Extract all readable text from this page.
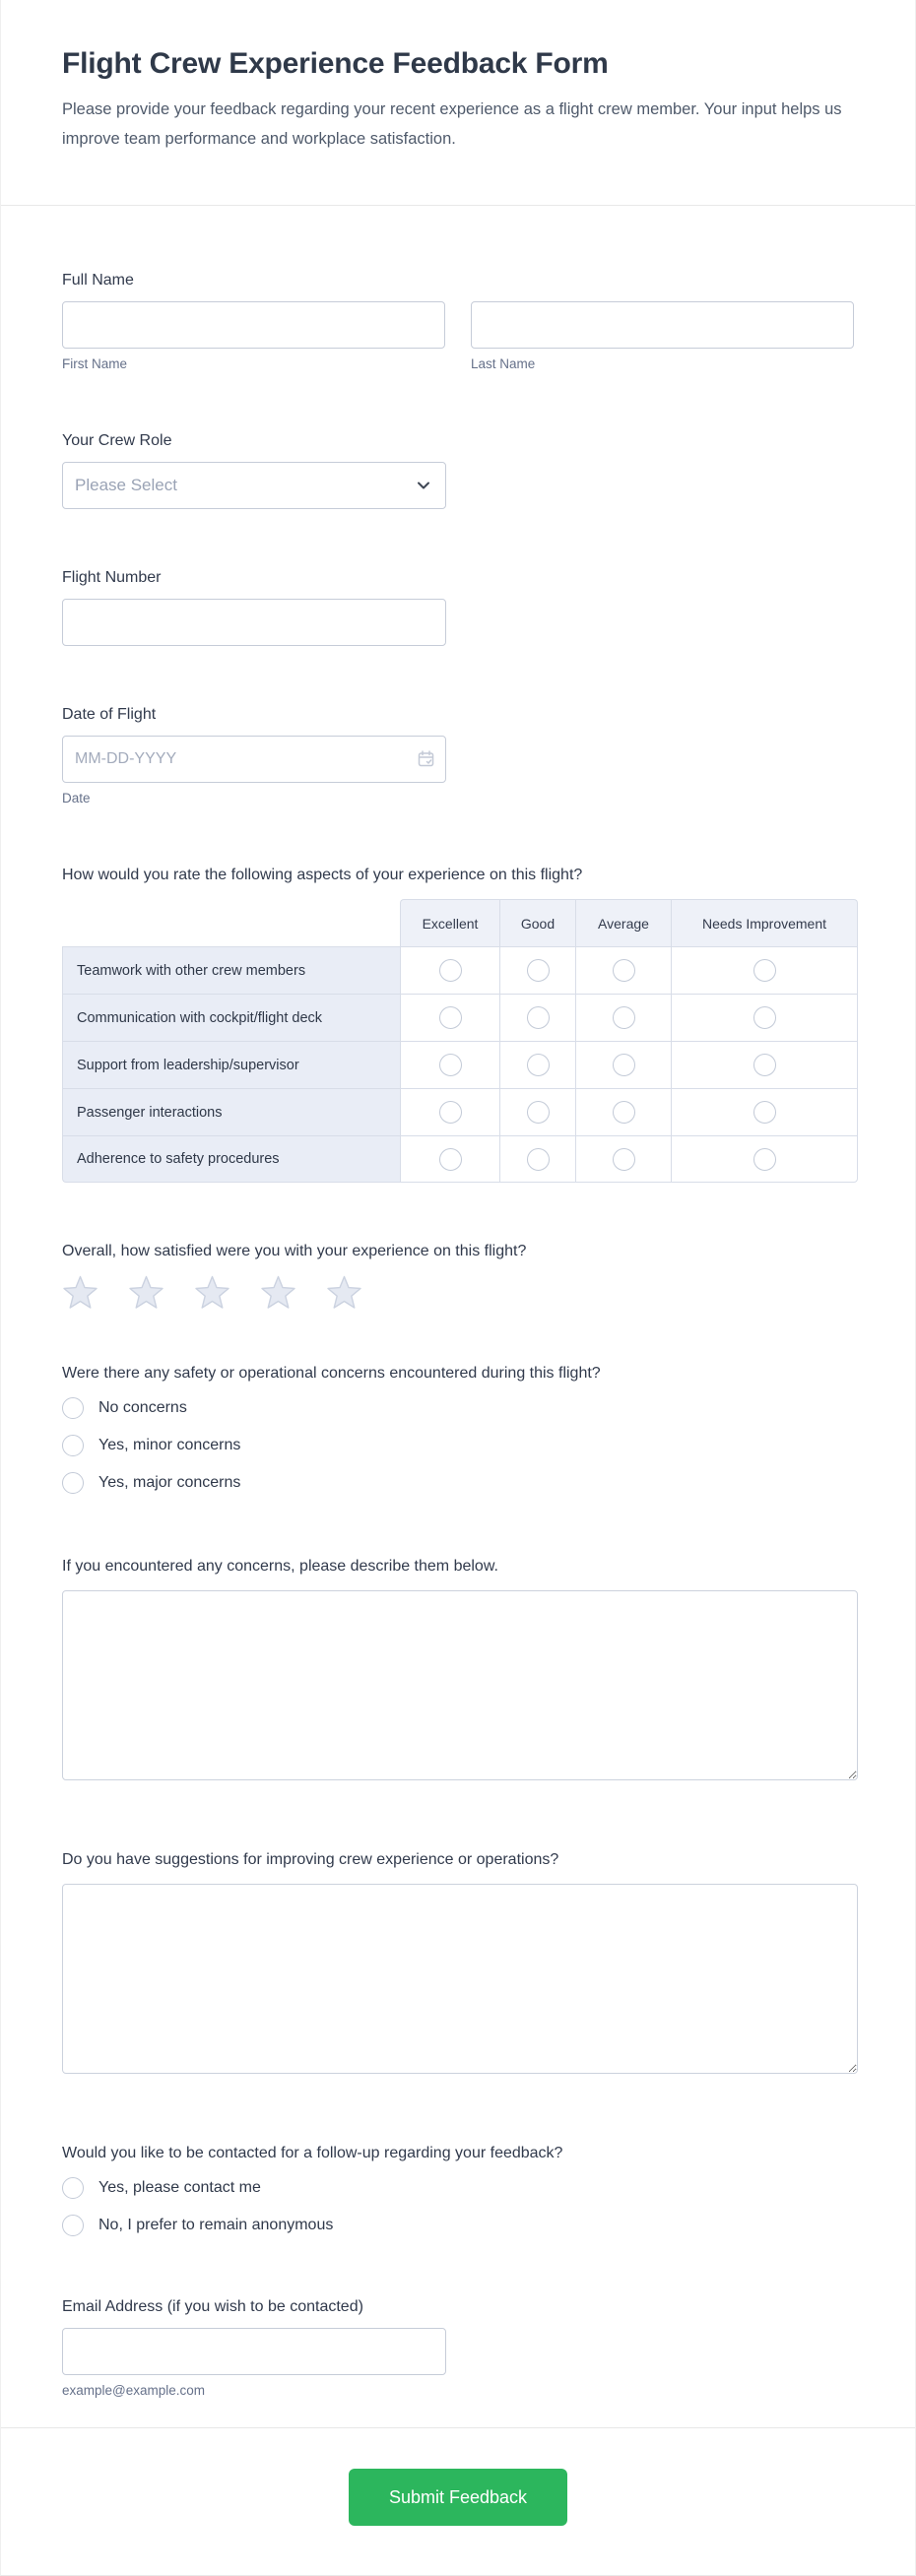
Flight Crew Experience Feedback Form

Please provide your feedback regarding your recent experience as a flight crew member. Your input helps us improve team performance and workplace satisfaction.

Full Name
First Name	Last Name
Your Crew Role
Please Select
Flight Number
Date of Flight
MM-DD-YYYY
Date
How would you rate the following aspects of your experience on this flight?
	Excellent	Good	Average	Needs Improvement
Teamwork with other crew members				
Communication with cockpit/flight deck				
Support from leadership/supervisor				
Passenger interactions				
Adherence to safety procedures				
Overall, how satisfied were you with your experience on this flight?
Were there any safety or operational concerns encountered during this flight?
No concerns
Yes, minor concerns
Yes, major concerns
If you encountered any concerns, please describe them below.
Do you have suggestions for improving crew experience or operations?
Would you like to be contacted for a follow-up regarding your feedback?
Yes, please contact me
No, I prefer to remain anonymous
Email Address (if you wish to be contacted)
example@example.com
Submit Feedback
